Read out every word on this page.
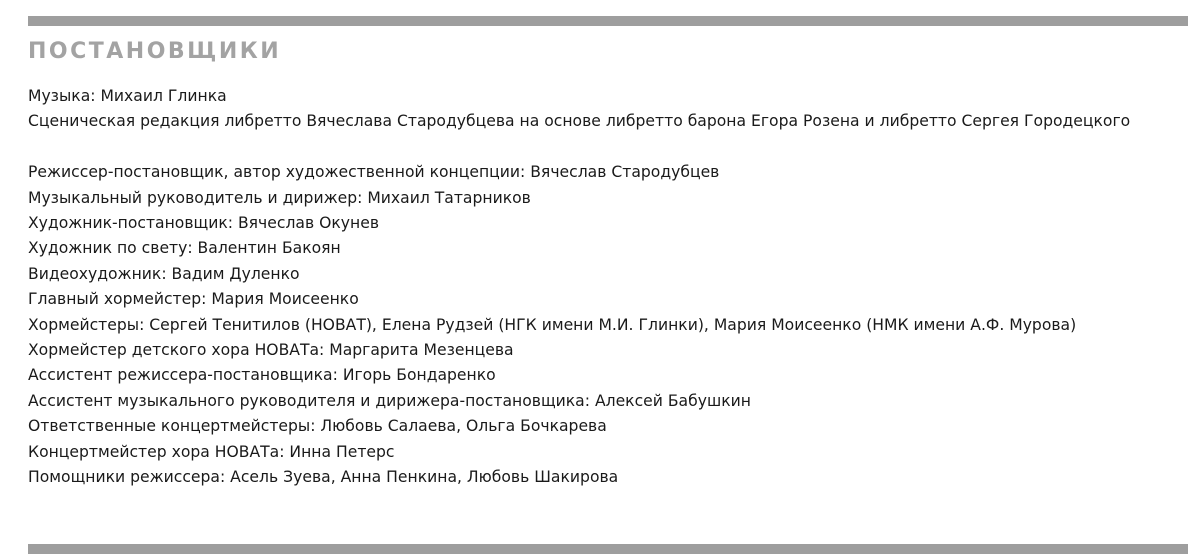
ПОСТАНОВЩИКИ
Музыка: Михаил Глинка
Сценическая редакция либретто Вячеслава Стародубцева на основе либретто барона Егора Розена и либретто Сергея Городецкого
Режиссер-постановщик, автор художественной концепции: Вячеслав Стародубцев
Музыкальный руководитель и дирижер: Михаил Татарников
Художник-постановщик: Вячеслав Окунев
Художник по свету: Валентин Бакоян
Видеохудожник: Вадим Дуленко
Главный хормейстер: Мария Моисеенко
Хормейстеры: Сергей Тенитилов (НОВАТ), Елена Рудзей (НГК имени М.И. Глинки), Мария Моисеенко (НМК имени А.Ф. Мурова)
Хормейстер детского хора НОВАТа: Маргарита Мезенцева
Ассистент режиссера-постановщика: Игорь Бондаренко
Ассистент музыкального руководителя и дирижера-постановщика: Алексей Бабушкин
Ответственные концертмейстеры: Любовь Салаева, Ольга Бочкарева
Концертмейстер хора НОВАТа: Инна Петерс
Помощники режиссера: Асель Зуева, Анна Пенкина, Любовь Шакирова
